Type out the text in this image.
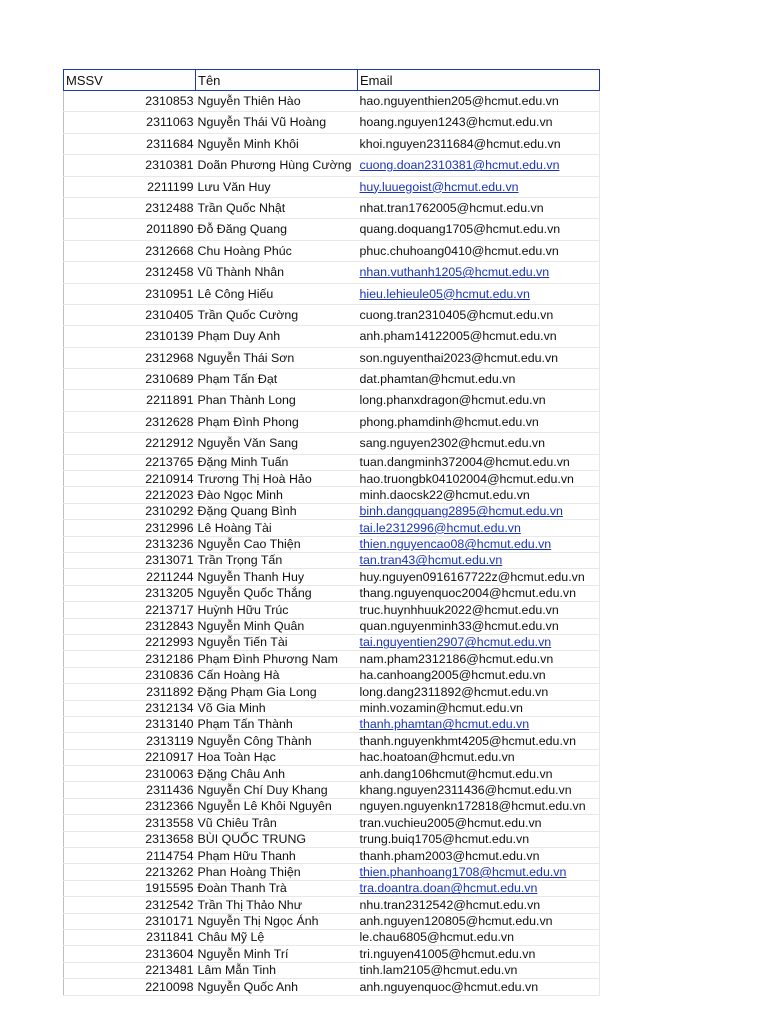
MSSV	Tên	Email
2310853	Nguyễn Thiên Hào	hao.nguyenthien205@hcmut.edu.vn
2311063	Nguyễn Thái Vũ Hoàng	hoang.nguyen1243@hcmut.edu.vn
2311684	Nguyễn Minh Khôi	khoi.nguyen2311684@hcmut.edu.vn
2310381	Doãn Phương Hùng Cường	cuong.doan2310381@hcmut.edu.vn
2211199	Lưu Văn Huy	huy.luuegoist@hcmut.edu.vn
2312488	Trần Quốc Nhật	nhat.tran1762005@hcmut.edu.vn
2011890	Đỗ Đăng Quang	quang.doquang1705@hcmut.edu.vn
2312668	Chu Hoàng Phúc	phuc.chuhoang0410@hcmut.edu.vn
2312458	Vũ Thành Nhân	nhan.vuthanh1205@hcmut.edu.vn
2310951	Lê Công Hiếu	hieu.lehieule05@hcmut.edu.vn
2310405	Trần Quốc Cường	cuong.tran2310405@hcmut.edu.vn
2310139	Phạm Duy Anh	anh.pham14122005@hcmut.edu.vn
2312968	Nguyễn Thái Sơn	son.nguyenthai2023@hcmut.edu.vn
2310689	Phạm Tấn Đạt	dat.phamtan@hcmut.edu.vn
2211891	Phan Thành Long	long.phanxdragon@hcmut.edu.vn
2312628	Phạm Đình Phong	phong.phamdinh@hcmut.edu.vn
2212912	Nguyễn Văn Sang	sang.nguyen2302@hcmut.edu.vn
2213765	Đặng Minh Tuấn	tuan.dangminh372004@hcmut.edu.vn
2210914	Trương Thị Hoà Hảo	hao.truongbk04102004@hcmut.edu.vn
2212023	Đào Ngọc Minh	minh.daocsk22@hcmut.edu.vn
2310292	Đặng Quang Bình	binh.dangquang2895@hcmut.edu.vn
2312996	Lê Hoàng Tài	tai.le2312996@hcmut.edu.vn
2313236	Nguyễn Cao Thiện	thien.nguyencao08@hcmut.edu.vn
2313071	Trần Trọng Tấn	tan.tran43@hcmut.edu.vn
2211244	Nguyễn Thanh Huy	huy.nguyen0916167722z@hcmut.edu.vn
2313205	Nguyễn Quốc Thắng	thang.nguyenquoc2004@hcmut.edu.vn
2213717	Huỳnh Hữu Trúc	truc.huynhhuuk2022@hcmut.edu.vn
2312843	Nguyễn Minh Quân	quan.nguyenminh33@hcmut.edu.vn
2212993	Nguyễn Tiến Tài	tai.nguyentien2907@hcmut.edu.vn
2312186	Phạm Đình Phương Nam	nam.pham2312186@hcmut.edu.vn
2310836	Cấn Hoàng Hà	ha.canhoang2005@hcmut.edu.vn
2311892	Đặng Phạm Gia Long	long.dang2311892@hcmut.edu.vn
2312134	Võ Gia Minh	minh.vozamin@hcmut.edu.vn
2313140	Phạm Tấn Thành	thanh.phamtan@hcmut.edu.vn
2313119	Nguyễn Công Thành	thanh.nguyenkhmt4205@hcmut.edu.vn
2210917	Hoa Toàn Hạc	hac.hoatoan@hcmut.edu.vn
2310063	Đặng Châu Anh	anh.dang106hcmut@hcmut.edu.vn
2311436	Nguyễn Chí Duy Khang	khang.nguyen2311436@hcmut.edu.vn
2312366	Nguyễn Lê Khôi Nguyên	nguyen.nguyenkn172818@hcmut.edu.vn
2313558	Vũ Chiêu Trân	tran.vuchieu2005@hcmut.edu.vn
2313658	BÙI QUỐC TRUNG	trung.buiq1705@hcmut.edu.vn
2114754	Phạm Hữu Thanh	thanh.pham2003@hcmut.edu.vn
2213262	Phan Hoàng Thiện	thien.phanhoang1708@hcmut.edu.vn
1915595	Đoàn Thanh Trà	tra.doantra.doan@hcmut.edu.vn
2312542	Trần Thị Thảo Như	nhu.tran2312542@hcmut.edu.vn
2310171	Nguyễn Thị Ngọc Ánh	anh.nguyen120805@hcmut.edu.vn
2311841	Châu Mỹ Lệ	le.chau6805@hcmut.edu.vn
2313604	Nguyễn Minh Trí	tri.nguyen41005@hcmut.edu.vn
2213481	Lâm Mẫn Tinh	tinh.lam2105@hcmut.edu.vn
2210098	Nguyễn Quốc Anh	anh.nguyenquoc@hcmut.edu.vn
